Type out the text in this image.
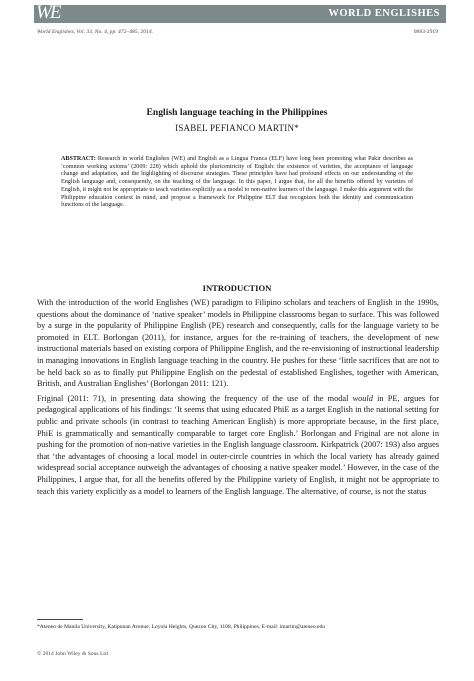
WE	WORLD ENGLISHES
World Englishes, Vol. 33, No. 4, pp. 472–485, 2014.	0883-2919
English language teaching in the Philippines
ISABEL PEFIANCO MARTIN*
ABSTRACT: Research in world Englishes (WE) and English as a Lingua Franca (ELF) have long been promoting what Pakir describes as ‘common working axioms’ (2009: 228) which uphold the pluricentricity of English: the existence of varieties, the acceptance of language change and adaptation, and the highlighting of discourse strategies. These principles have had profound effects on our understanding of the English language and, consequently, on the teaching of the language. In this paper, I argue that, for all the benefits offered by varieties of English, it might not be appropriate to teach varieties explicitly as a model to non-native learners of the language. I make this argument with the Philippine education context in mind, and propose a framework for Philippine ELT that recognizes both the identity and communication functions of the language.
INTRODUCTION

With the introduction of the world Englishes (WE) paradigm to Filipino scholars and teachers of English in the 1990s, questions about the dominance of ‘native speaker’ models in Philippine classrooms began to surface. This was followed by a surge in the popularity of Philippine English (PE) research and consequently, calls for the language variety to be promoted in ELT. Borlongan (2011), for instance, argues for the re-training of teachers, the development of new instructional materials based on existing corpora of Philippine English, and the re-envisioning of instructional leadership in managing innovations in English language teaching in the country. He pushes for these ‘little sacrifices that are not to be held back so as to finally put Philippine English on the pedestal of established Englishes, together with American, British, and Australian Englishes’ (Borlongan 2011: 121).

Friginal (2011: 71), in presenting data showing the frequency of the use of the modal would in PE, argues for pedagogical applications of his findings: ‘It seems that using educated PhiE as a target English in the national setting for public and private schools (in contrast to teaching American English) is more appropriate because, in the first place, PhiE is grammatically and semantically comparable to target core English.’ Borlongan and Friginal are not alone in pushing for the promotion of non-native varieties in the English language classroom. Kirkpatrick (2007: 193) also argues that ‘the advantages of choosing a local model in outer-circle countries in which the local variety has already gained widespread social acceptance outweigh the advantages of choosing a native speaker model.’ However, in the case of the Philippines, I argue that, for all the benefits offered by the Philippine variety of English, it might not be appropriate to teach this variety explicitly as a model to learners of the English language. The alternative, of course, is not the status

*Ateneo de Manila University, Katipunan Avenue, Loyola Heights, Quezon City, 1108, Philippines. E-mail: imartin@ateneo.edu
© 2014 John Wiley & Sons Ltd
